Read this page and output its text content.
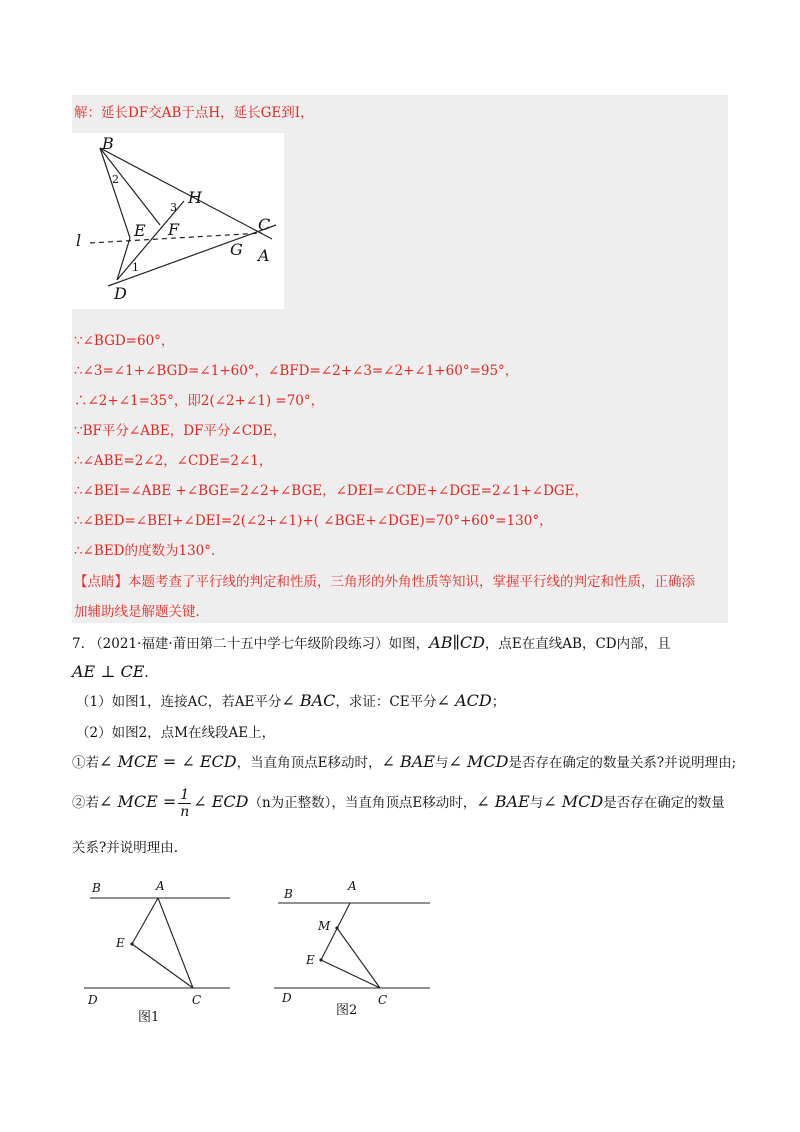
解：延长DF交AB于点H，延长GE到I，
B
H
C
A
E F
G
D
l
1
2
3
∵∠BGD=60°，
∴∠3=∠1+∠BGD=∠1+60°，∠BFD=∠2+∠3=∠2+∠1+60°=95°，
∴∠2+∠1=35°，即2(∠2+∠1) =70°，
∵BF平分∠ABE，DF平分∠CDE，
∴∠ABE=2∠2，∠CDE=2∠1，
∴∠BEI=∠ABE +∠BGE=2∠2+∠BGE，∠DEI=∠CDE+∠DGE=2∠1+∠DGE，
∴∠BED=∠BEI+∠DEI=2(∠2+∠1)+( ∠BGE+∠DGE)=70°+60°=130°，
∴∠BED的度数为130°.
【点睛】本题考查了平行线的判定和性质，三角形的外角性质等知识，掌握平行线的判定和性质，正确添
加辅助线是解题关键.
7. （2021·福建·莆田第二十五中学七年级阶段练习）如图，AB∥CD，点E在直线AB，CD内部，且
AE ⊥ CE.
（1）如图1，连接AC，若AE平分∠ BAC，求证：CE平分∠ ACD；
（2）如图2，点M在线段AE上，
①若∠ MCE = ∠ ECD，当直角顶点E移动时，∠ BAE与∠ MCD是否存在确定的数量关系?并说明理由;
②若∠ MCE = $\frac{1}{n}$ ∠ ECD（n为正整数），当直角顶点E移动时，∠ BAE与∠ MCD是否存在确定的数量
关系?并说明理由.
B	A
E
D	C
图1
B
A
M
E
D	C
图2
